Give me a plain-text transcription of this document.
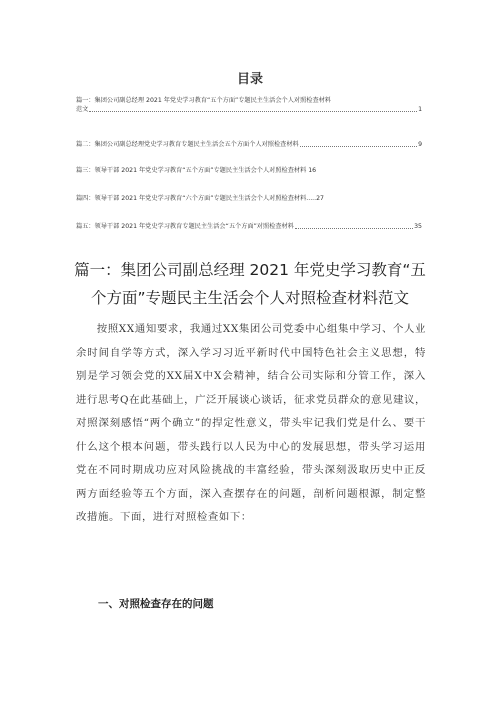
目录
篇一：集团公司副总经理 2021 年党史学习教育“五个方面”专题民主生活会个人对照检查材料
范文	1
篇二：集团公司副总经理党史学习教育专题民主生活会五个方面个人对照检查材料	9
篇三：领导干部 2021 年党史学习教育“五个方面”专题民主生活会个人对照检查材料 16
篇四：领导干部 2021 年党史学习教育“六个方面”专题民主生活会个人对照检查材料.....27
篇五：领导干部 2021 年党史学习教育专题民主生活会“五个方面”对照检查材料	35
篇一：集团公司副总经理 2021 年党史学习教育“五
个方面”专题民主生活会个人对照检查材料范文

按照XX通知要求，我通过XX集团公司党委中心组集中学习、个人业余时间自学等方式，深入学习习近平新时代中国特色社会主义思想，特别是学习领会党的XX届X中X会精神，结合公司实际和分管工作，深入进行思考Q在此基础上，广泛开展谈心谈话，征求党员群众的意见建议，对照深刻感悟“两个确立”的捍定性意义，带头牢记我们党是什么、要干什么这个根本问题，带头践行以人民为中心的发展思想，带头学习运用党在不同时期成功应对风险挑战的丰富经验，带头深刻汲取历史中正反两方面经验等五个方面，深入查摆存在的问题，剖析问题根源，制定整改措施。下面，进行对照检查如下：

一、对照检查存在的问题
